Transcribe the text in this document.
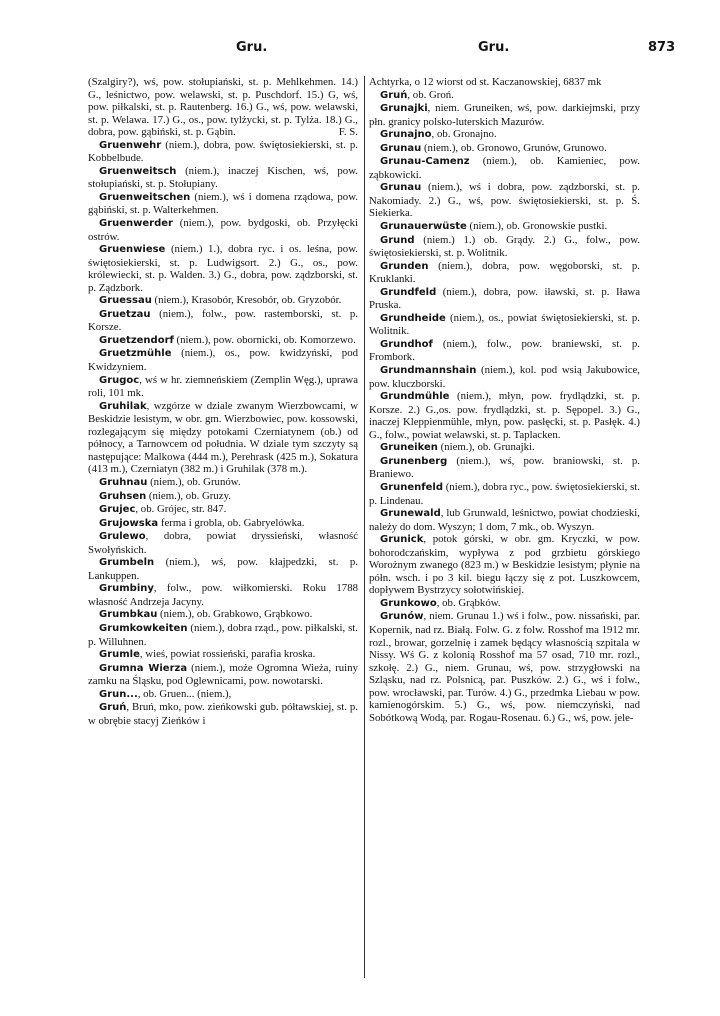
Gru.	Gru.	873

(Szalgiry?), wś, pow. stołupiański, st. p. Mehlkehmen. 14.) G., leśnictwo, pow. welawski, st. p. Puschdorf. 15.) G, wś, pow. piłkalski, st. p. Rautenberg. 16.) G., wś, pow. welawski, st. p. Welawa. 17.) G., os., pow. tylżycki, st. p. Tylża. 18.) G., dobra, pow. gąbiński, st. p. Gąbin.	F. S.

Gruenwehr (niem.), dobra, pow. świętosiekierski, st. p. Kobbelbude.

Gruenweitsch (niem.), inaczej Kischen, wś, pow. stołupiański, st. p. Stołupiany.

Gruenweitschen (niem.), wś i domena rządowa, pow. gąbiński, st. p. Walterkehmen.

Gruenwerder (niem.), pow. bydgoski, ob. Przyłęcki ostrów.

Gruenwiese (niem.) 1.), dobra ryc. i os. leśna, pow. świętosiekierski, st. p. Ludwigsort. 2.) G., os., pow. królewiecki, st. p. Walden. 3.) G., dobra, pow. ządzborski, st. p. Ządzbork.

Gruessau (niem.), Krasobór, Kresobór, ob. Gryzobór.

Gruetzau (niem.), folw., pow. rastemborski, st. p. Korsze.

Gruetzendorf (niem.), pow. obornicki, ob. Komorzewo.

Gruetzmühle (niem.), os., pow. kwidzyński, pod Kwidzyniem.

Grugoc, wś w hr. ziemneńskiem (Zemplin Węg.), uprawa roli, 101 mk.

Gruhilak, wzgórze w dziale zwanym Wierzbowcami, w Beskidzie lesistym, w obr. gm. Wierzbowiec, pow. kossowski, rozlegającym się między potokami Czerniatynem (ob.) od północy, a Tarnowcem od południa. W dziale tym szczyty są następujące: Malkowa (444 m.), Perehrask (425 m.), Sokatura (413 m.), Czerniatyn (382 m.) i Gruhilak (378 m.).

Gruhnau (niem.), ob. Grunów.

Gruhsen (niem.), ob. Gruzy.

Grujec, ob. Grójec, str. 847.

Grujowska ferma i grobla, ob. Gabryelówka.

Grulewo, dobra, powiat dryssieński, własność Swołyńskich.

Grumbeln (niem.), wś, pow. kłajpedzki, st. p. Lankuppen.

Grumbiny, folw., pow. wiłkomierski. Roku 1788 własność Andrzeja Jacyny.

Grumbkau (niem.), ob. Grabkowo, Grąbkowo.

Grumkowkeiten (niem.), dobra rząd., pow. piłkalski, st. p. Willuhnen.

Grumle, wieś, powiat rossieński, parafia kroska.

Grumna Wierza (niem.), może Ogromna Wieża, ruiny zamku na Śląsku, pod Oglewnicami, pow. nowotarski.

Grun..., ob. Gruen... (niem.),

Gruń, Bruń, mko, pow. zieńkowski gub. półtawskiej, st. p. w obrębie stacyj Zieńków i

Achtyrka, o 12 wiorst od st. Kaczanowskiej, 6837 mk

Gruń, ob. Groń.

Grunajki, niem. Gruneiken, wś, pow. darkiejmski, przy płn. granicy polsko-luterskich Mazurów.

Grunajno, ob. Gronajno.

Grunau (niem.), ob. Gronowo, Grunów, Grunowo.

Grunau-Camenz (niem.), ob. Kamieniec, pow. ząbkowicki.

Grunau (niem.), wś i dobra, pow. ządzborski, st. p. Nakomiady. 2.) G., wś, pow. świętosiekierski, st. p. Ś. Siekierka.

Grunauerwüste (niem.), ob. Gronowskie pustki.

Grund (niem.) 1.) ob. Grądy. 2.) G., folw., pow. świętosiekierski, st. p. Wolitnik.

Grunden (niem.), dobra, pow. węgoborski, st. p. Kruklanki.

Grundfeld (niem.), dobra, pow. iławski, st. p. Iława Pruska.

Grundheide (niem.), os., powiat świętosiekierski, st. p. Wolitnik.

Grundhof (niem.), folw., pow. braniewski, st. p. Frombork.

Grundmannshain (niem.), kol. pod wsią Jakubowice, pow. kluczborski.

Grundmühle (niem.), młyn, pow. frydlądzki, st. p. Korsze. 2.) G.,os. pow. frydlądzki, st. p. Sępopel. 3.) G., inaczej Kleppienmühle, młyn, pow. pasłęcki, st. p. Pasłęk. 4.) G., folw., powiat welawski, st. p. Taplacken.

Gruneiken (niem.), ob. Grunajki.

Grunenberg (niem.), wś, pow. braniowski, st. p. Braniewo.

Grunenfeld (niem.), dobra ryc., pow. świętosiekierski, st. p. Lindenau.

Grunewald, lub Grunwald, leśnictwo, powiat chodzieski, należy do dom. Wyszyn; 1 dom, 7 mk., ob. Wyszyn.

Grunick, potok górski, w obr. gm. Kryczki, w pow. bohorodczańskim, wypływa z pod grzbietu górskiego Worożnym zwanego (823 m.) w Beskidzie lesistym; płynie na półn. wsch. i po 3 kil. biegu łączy się z pot. Luszkowcem, dopływem Bystrzycy sołotwińskiej.

Grunkowo, ob. Grąbków.

Grunów, niem. Grunau 1.) wś i folw., pow. nissański, par. Kopernik, nad rz. Białą. Folw. G. z folw. Rosshof ma 1912 mr. rozl., browar, gorzelnię i zamek będący własnością szpitala w Nissy. Wś G. z kolonią Rosshof ma 57 osad, 710 mr. rozl., szkołę. 2.) G., niem. Grunau, wś, pow. strzygłowski na Szląsku, nad rz. Polsnicą, par. Puszków. 2.) G., wś i folw., pow. wrocławski, par. Turów. 4.) G., przedmka Liebau w pow. kamienogórskim. 5.) G., wś, pow. niemczyński, nad Sobótkową Wodą, par. Rogau-Rosenau. 6.) G., wś, pow. jele-
